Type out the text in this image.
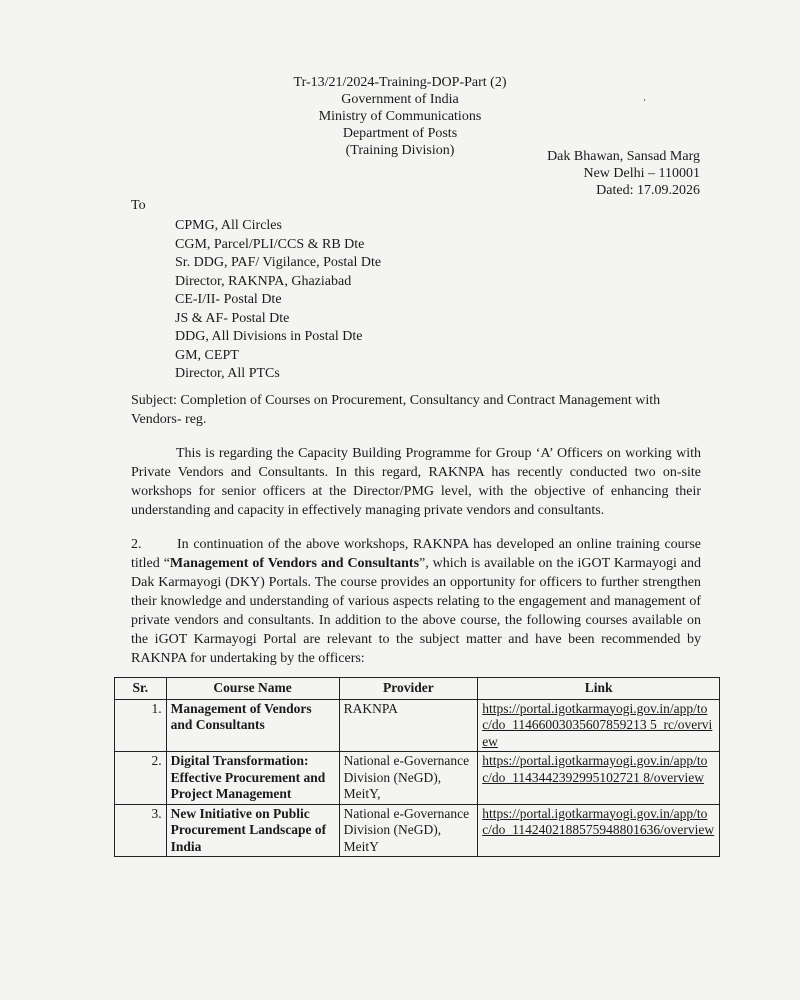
Tr-13/21/2024-Training-DOP-Part (2)
Government of India
Ministry of Communications
Department of Posts
(Training Division)
‚
Dak Bhawan, Sansad Marg
New Delhi – 110001
Dated: 17.09.2026
To
CPMG, All Circles
CGM, Parcel/PLI/CCS & RB Dte
Sr. DDG, PAF/ Vigilance, Postal Dte
Director, RAKNPA, Ghaziabad
CE-I/II- Postal Dte
JS & AF- Postal Dte
DDG, All Divisions in Postal Dte
GM, CEPT
Director, All PTCs

Subject: Completion of Courses on Procurement, Consultancy and Contract Management with Vendors- reg.

This is regarding the Capacity Building Programme for Group ‘A’ Officers on working with Private Vendors and Consultants. In this regard, RAKNPA has recently conducted two on-site workshops for senior officers at the Director/PMG level, with the objective of enhancing their understanding and capacity in effectively managing private vendors and consultants.

2.	In continuation of the above workshops, RAKNPA has developed an online training course titled “Management of Vendors and Consultants”, which is available on the iGOT Karmayogi and Dak Karmayogi (DKY) Portals. The course provides an opportunity for officers to further strengthen their knowledge and understanding of various aspects relating to the engagement and management of private vendors and consultants. In addition to the above course, the following courses available on the iGOT Karmayogi Portal are relevant to the subject matter and have been recommended by RAKNPA for undertaking by the officers:

Sr.	Course Name	Provider	Link
1.	Management of Vendors and Consultants	RAKNPA	https://portal.igotkarmayogi.gov.in/app/toc/do_11466003035607859213 5_rc/overview
2.	Digital Transformation: Effective Procurement and Project Management	National e-Governance Division (NeGD), MeitY,	https://portal.igotkarmayogi.gov.in/app/toc/do_1143442392995102721 8/overview
3.	New Initiative on Public Procurement Landscape of India	National e-Governance Division (NeGD), MeitY	https://portal.igotkarmayogi.gov.in/app/toc/do_1142402188575948801636/overview
